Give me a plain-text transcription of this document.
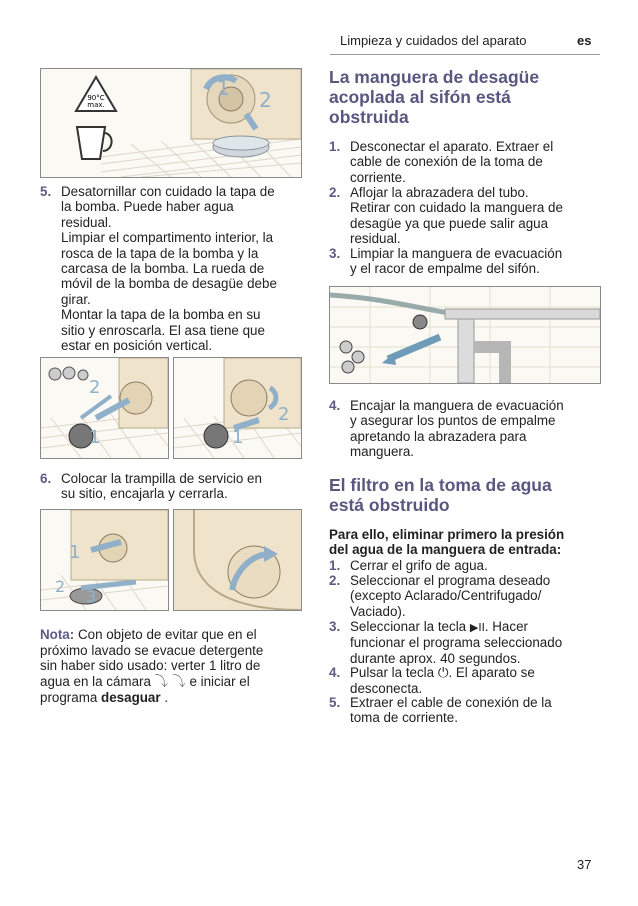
Limpieza y cuidados del aparato	es
90°C
max.
1 2
5. Desatornillar con cuidado la tapa de
la bomba. Puede haber agua
residual.
Limpiar el compartimento interior, la
rosca de la tapa de la bomba y la
carcasa de la bomba. La rueda de
móvil de la bomba de desagüe debe
girar.
Montar la tapa de la bomba en su
sitio y enroscarla. El asa tiene que
estar en posición vertical.
2
1	1
2
6. Colocar la trampilla de servicio en
su sitio, encajarla y cerrarla.
1
2
3
Nota: Con objeto de evitar que en el
próximo lavado se evacue detergente
sin haber sido usado: verter 1 litro de
agua en la cámara ⤵ ⤵ e iniciar el
programa desaguar .
La manguera de desagüe
acoplada al sifón está
obstruida
1. Desconectar el aparato. Extraer el
cable de conexión de la toma de
corriente.
2. Aflojar la abrazadera del tubo.
Retirar con cuidado la manguera de
desagüe ya que puede salir agua
residual.
3. Limpiar la manguera de evacuación
y el racor de empalme del sifón.
4. Encajar la manguera de evacuación
y asegurar los puntos de empalme
apretando la abrazadera para
manguera.
El filtro en la toma de agua
está obstruido
Para ello, eliminar primero la presión
del agua de la manguera de entrada:
1. Cerrar el grifo de agua.
2. Seleccionar el programa deseado
(excepto Aclarado/Centrifugado/
Vaciado).
3. Seleccionar la tecla ▶II. Hacer
funcionar el programa seleccionado
durante aprox. 40 segundos.
4. Pulsar la tecla ⏻. El aparato se
desconecta.
5. Extraer el cable de conexión de la
toma de corriente.
37
